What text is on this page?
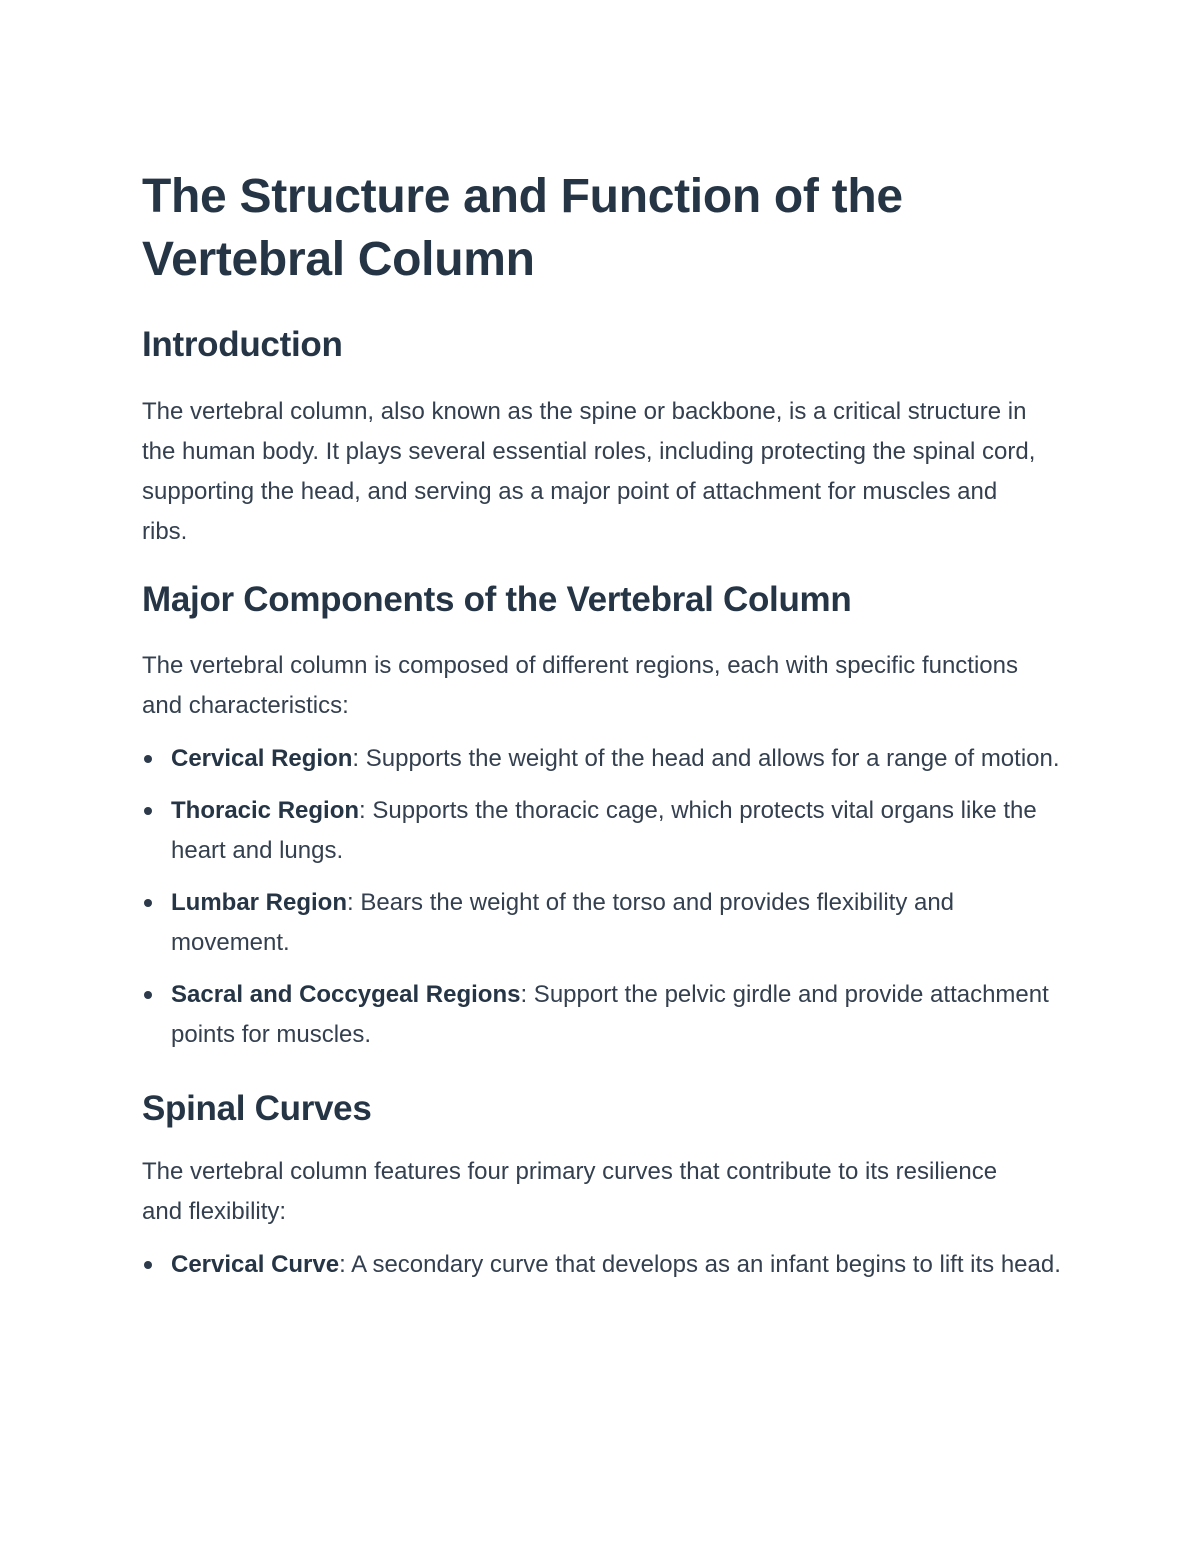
The Structure and Function of the Vertebral Column
Introduction

The vertebral column, also known as the spine or backbone, is a critical structure in the human body. It plays several essential roles, including protecting the spinal cord, supporting the head, and serving as a major point of attachment for muscles and ribs.

Major Components of the Vertebral Column

The vertebral column is composed of different regions, each with specific functions and characteristics:

Cervical Region: Supports the weight of the head and allows for a range of motion.
Thoracic Region: Supports the thoracic cage, which protects vital organs like the heart and lungs.
Lumbar Region: Bears the weight of the torso and provides flexibility and movement.
Sacral and Coccygeal Regions: Support the pelvic girdle and provide attachment points for muscles.
Spinal Curves

The vertebral column features four primary curves that contribute to its resilience and flexibility:

Cervical Curve: A secondary curve that develops as an infant begins to lift its head.
